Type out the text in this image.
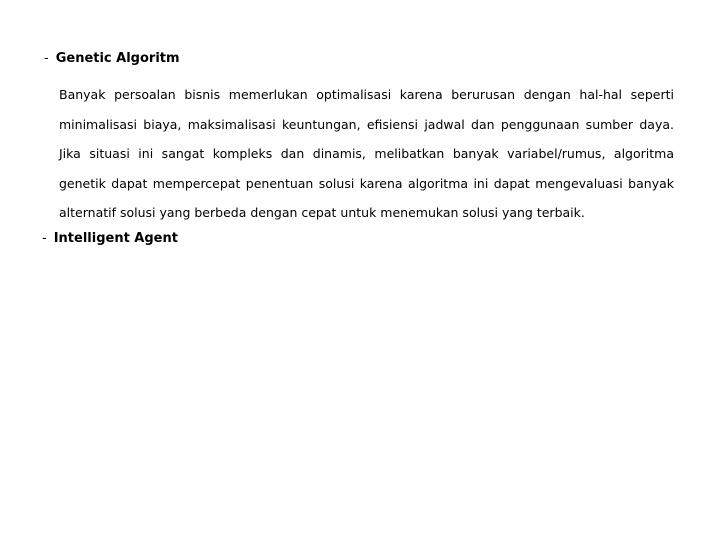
- Genetic Algoritm
Banyak persoalan bisnis memerlukan optimalisasi karena berurusan dengan hal-hal seperti
minimalisasi biaya, maksimalisasi keuntungan, efisiensi jadwal dan penggunaan sumber daya.
Jika situasi ini sangat kompleks dan dinamis, melibatkan banyak variabel/rumus, algoritma
genetik dapat mempercepat penentuan solusi karena algoritma ini dapat mengevaluasi banyak
alternatif solusi yang berbeda dengan cepat untuk menemukan solusi yang terbaik.
- Intelligent Agent
